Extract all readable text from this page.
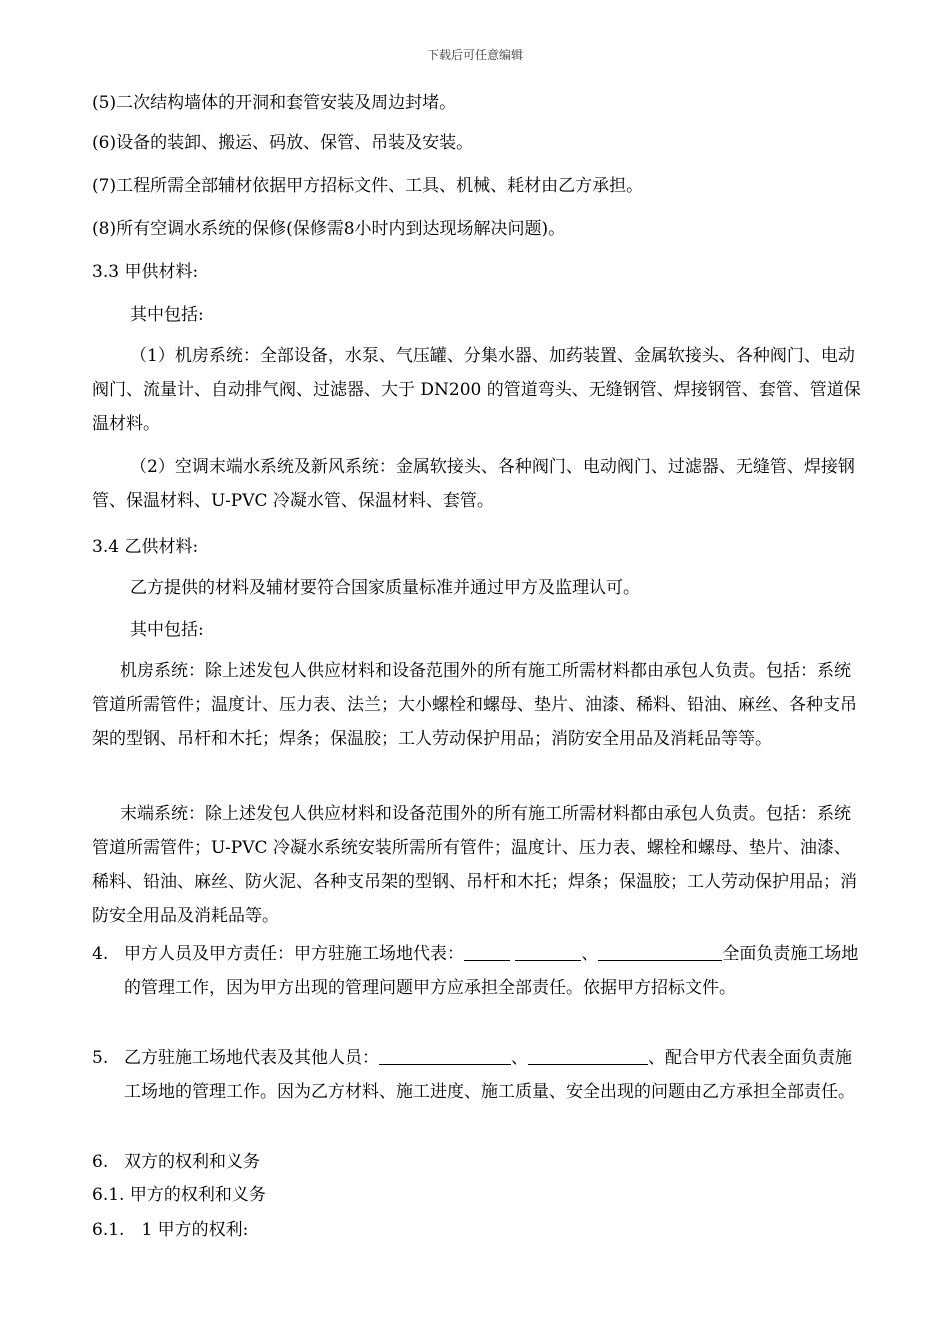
下载后可任意编辑
(5)二次结构墙体的开洞和套管安装及周边封堵。
(6)设备的装卸、搬运、码放、保管、吊装及安装。
(7)工程所需全部辅材依据甲方招标文件、工具、机械、耗材由乙方承担。
(8)所有空调水系统的保修(保修需8小时内到达现场解决问题)。
3.3 甲供材料:
其中包括:
（1）机房系统：全部设备，水泵、气压罐、分集水器、加药装置、金属软接头、各种阀门、电动阀门、流量计、自动排气阀、过滤器、大于 DN200 的管道弯头、无缝钢管、焊接钢管、套管、管道保温材料。
（2）空调末端水系统及新风系统：金属软接头、各种阀门、电动阀门、过滤器、无缝管、焊接钢管、保温材料、U-PVC 冷凝水管、保温材料、套管。
3.4 乙供材料:
乙方提供的材料及辅材要符合国家质量标准并通过甲方及监理认可。
其中包括:
机房系统：除上述发包人供应材料和设备范围外的所有施工所需材料都由承包人负责。包括：系统管道所需管件；温度计、压力表、法兰；大小螺栓和螺母、垫片、油漆、稀料、铅油、麻丝、各种支吊架的型钢、吊杆和木托；焊条；保温胶；工人劳动保护用品；消防安全用品及消耗品等等。
末端系统：除上述发包人供应材料和设备范围外的所有施工所需材料都由承包人负责。包括：系统管道所需管件；U-PVC 冷凝水系统安装所需所有管件；温度计、压力表、螺栓和螺母、垫片、油漆、稀料、铅油、麻丝、防火泥、各种支吊架的型钢、吊杆和木托；焊条；保温胶；工人劳动保护用品；消防安全用品及消耗品等。
4. 甲方人员及甲方责任：甲方驻施工场地代表：	、	全面负责施工场地的管理工作，因为甲方出现的管理问题甲方应承担全部责任。依据甲方招标文件。
5. 乙方驻施工场地代表及其他人员：	、	、配合甲方代表全面负责施工场地的管理工作。因为乙方材料、施工进度、施工质量、安全出现的问题由乙方承担全部责任。
6. 双方的权利和义务
6.1. 甲方的权利和义务
6.1.　1 甲方的权利:
